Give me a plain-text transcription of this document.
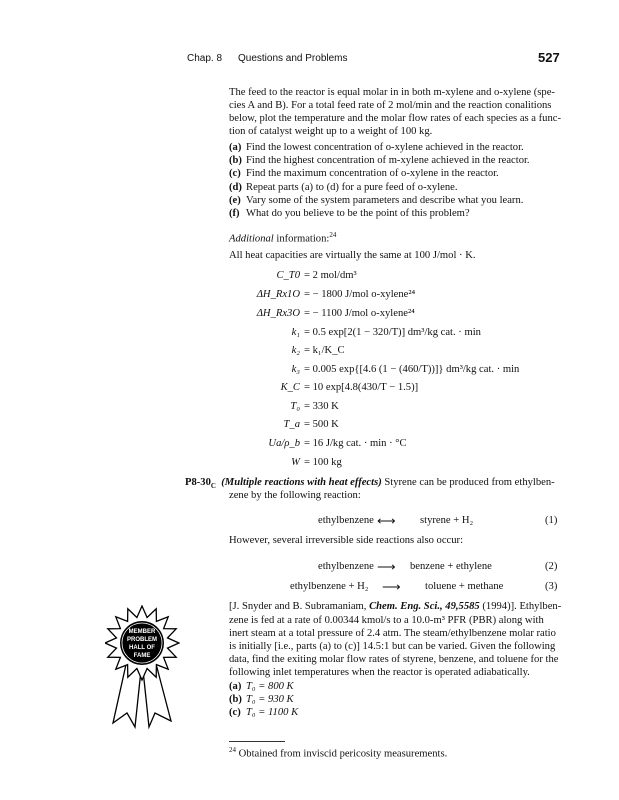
Chap. 8 Questions and Problems	527
The feed to the reactor is equal molar in in both m-xylene and o-xylene (spe-
cies A and B). For a total feed rate of 2 mol/min and the reaction conalitions
below, plot the temperature and the molar flow rates of each species as a func-
tion of catalyst weight up to a weight of 100 kg.
Additional information:$^{24}$
All heat capacities are virtually the same at 100 J/mol · K.
$P8-30_C$ (Multiple reactions with heat effects) Styrene can be produced from ethylben-
zene by the following reaction:
However, several irreversible side reactions also occur:
[J. Snyder and B. Subramaniam, Chem. Eng. Sci., 49,5585 (1994)]. Ethylben-
MEMBER
PROBLEM
HALL OF
FAME
$^{24}$ Obtained from inviscid pericosity measurements.
(a) Find the lowest concentration of o-xylene achieved in the reactor.
(b) Find the highest concentration of m-xylene achieved in the reactor.
(c) Find the maximum concentration of o-xylene in the reactor.
(d) Repeat parts (a) to (d) for a pure feed of o-xylene.
(e) Vary some of the system parameters and describe what you learn.
(f) What do you believe to be the point of this problem?
C_T0 = 2 mol/dm³
ΔH_Rx1O = − 1800 J/mol o-xylene²⁴
ΔH_Rx3O = − 1100 J/mol o-xylene²⁴
k₁ = 0.5 exp[2(1 − 320/T)] dm³/kg cat. · min
k₂ = k₁/K_C
k₃ = 0.005 exp{[4.6 (1 − (460/T))]} dm³/kg cat. · min
K_C = 10 exp[4.8(430/T − 1.5)]
T₀ = 330 K
T_a = 500 K
Ua/ρ_b = 16 J/kg cat. · min · °C
W = 100 kg
ethylbenzene ⟷ styrene + H₂	(1)
ethylbenzene ⟶ benzene + ethylene	(2)
ethylbenzene + H₂ ⟶ toluene + methane	(3)
zene is fed at a rate of 0.00344 kmol/s to a 10.0-m³ PFR (PBR) along with
inert steam at a total pressure of 2.4 atm. The steam/ethylbenzene molar ratio
is initially [i.e., parts (a) to (c)] 14.5:1 but can be varied. Given the following
data, find the exiting molar flow rates of styrene, benzene, and toluene for the
following inlet temperatures when the reactor is operated adiabatically.
(a) T₀ = 800 K
(b) T₀ = 930 K
(c) T₀ = 1100 K
